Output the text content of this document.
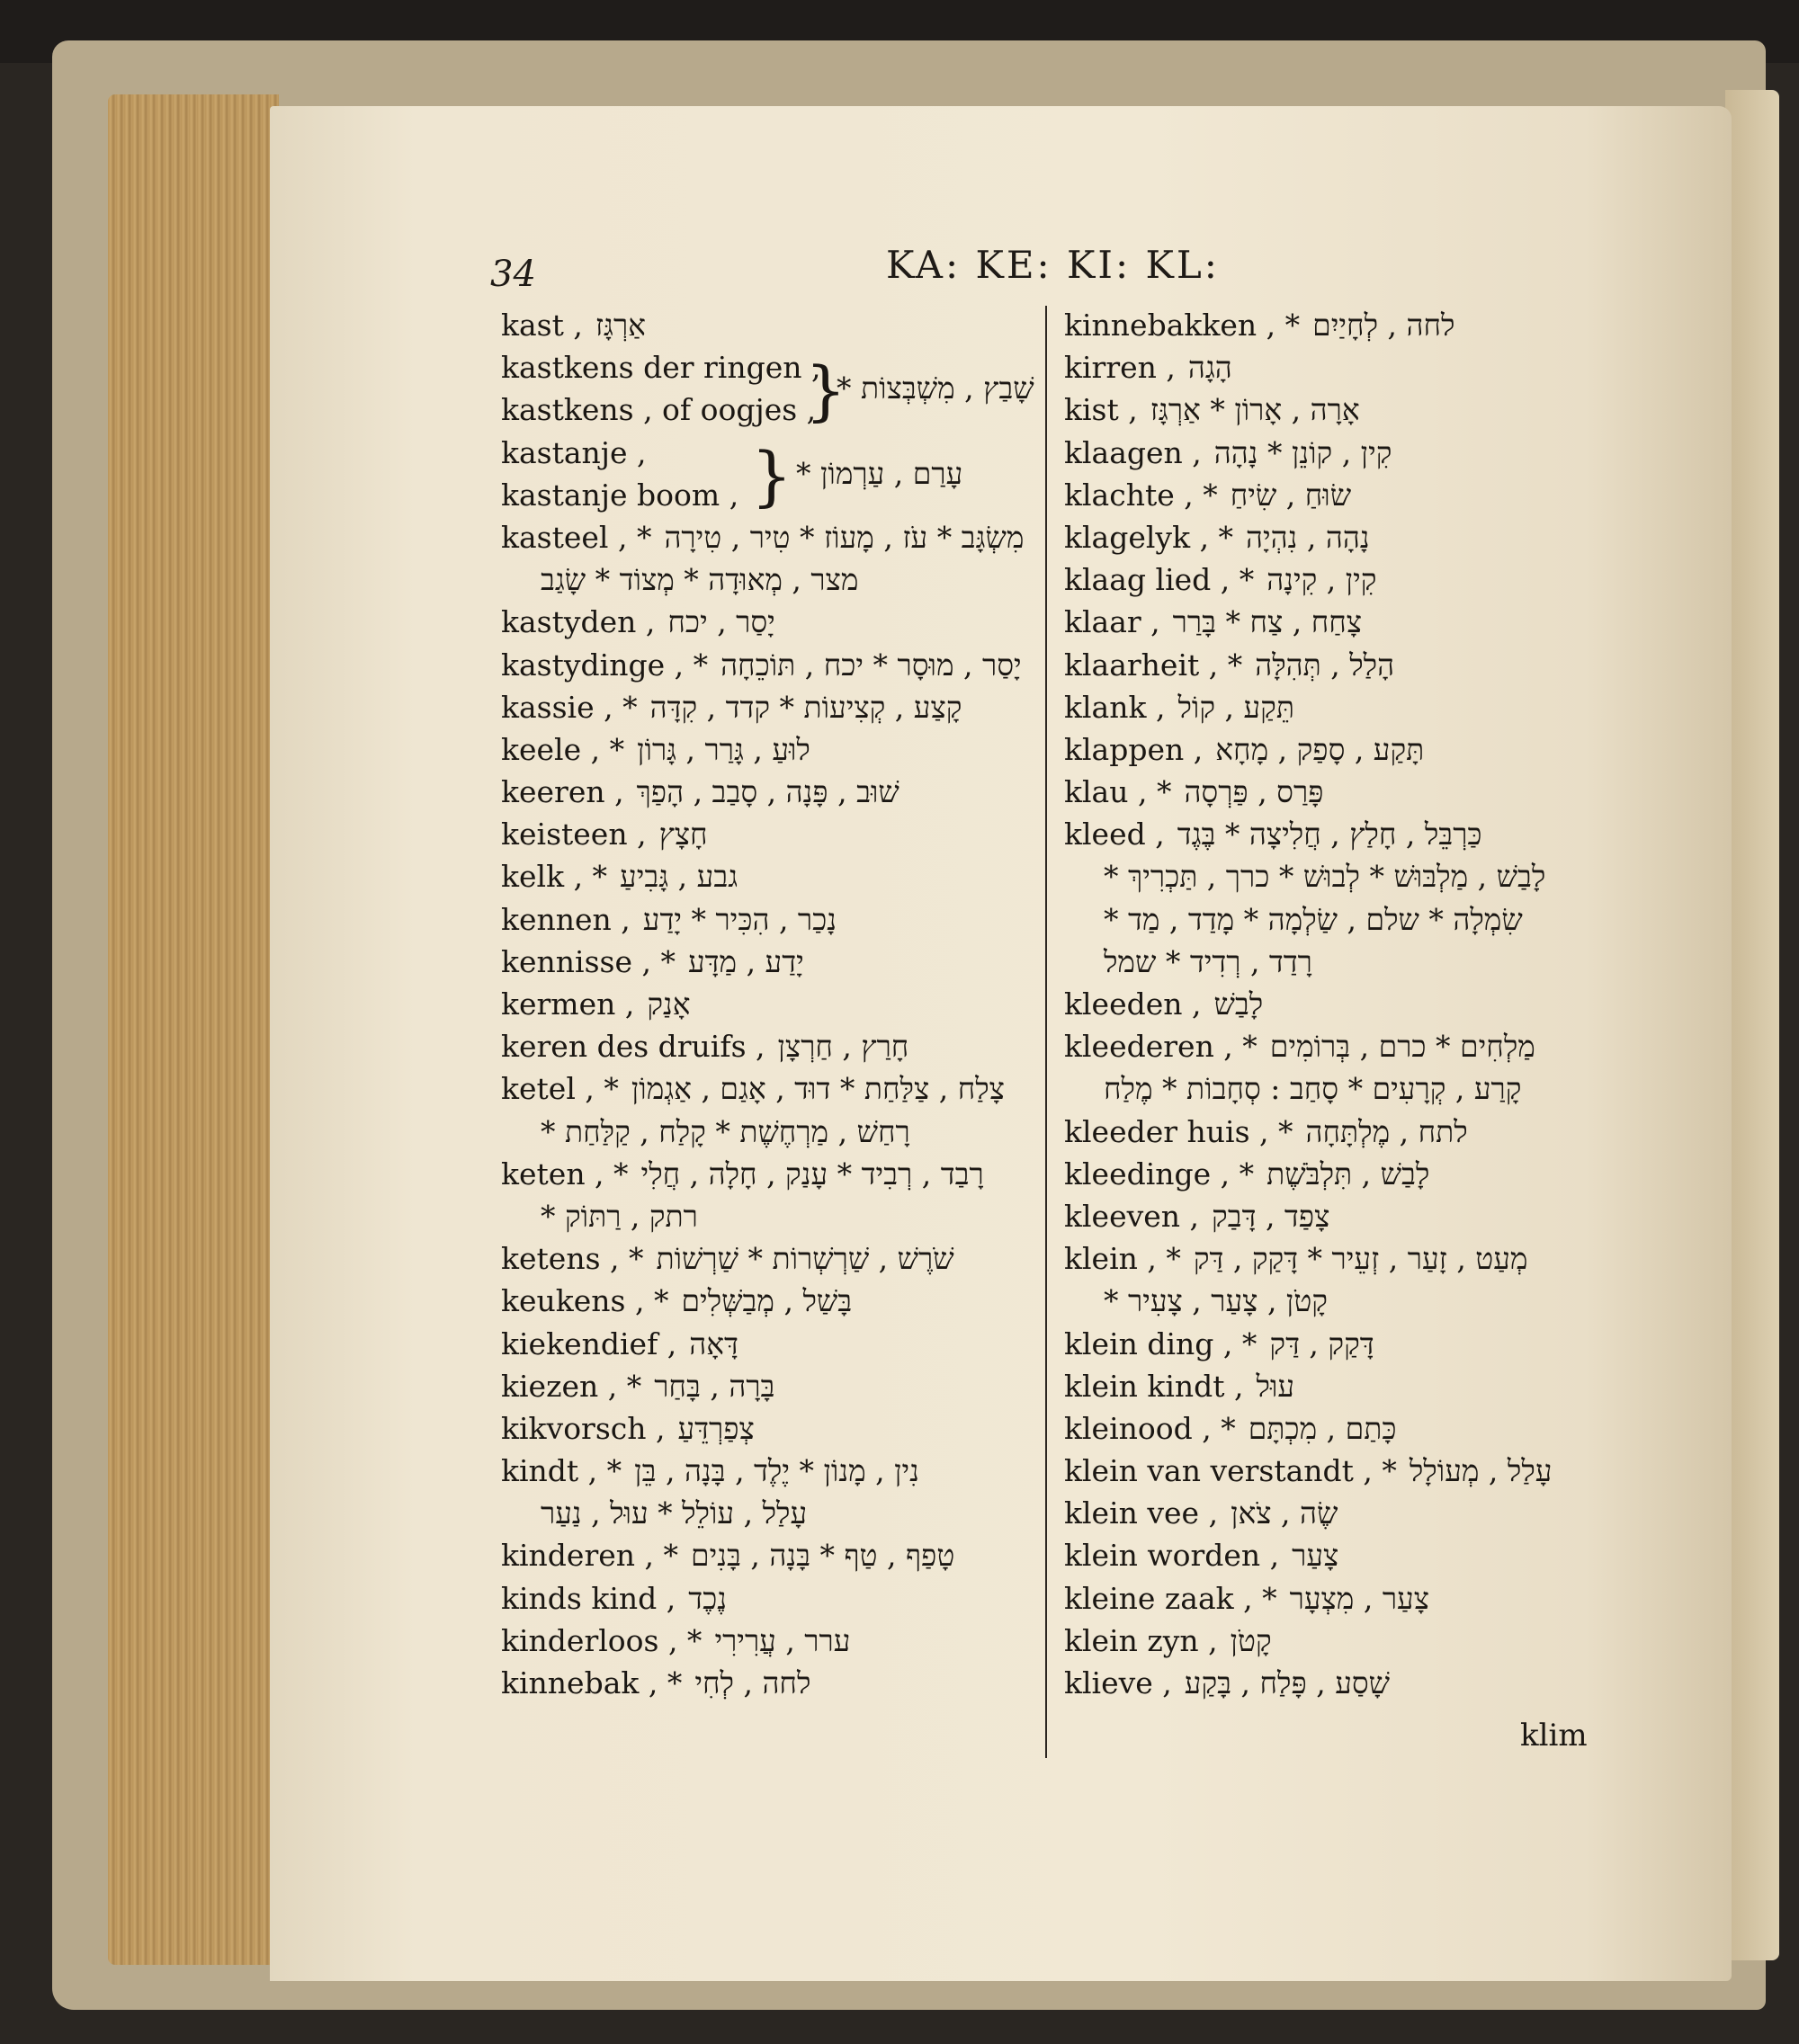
34	KA: KE: KI: KL:
kast , אַרְגָּז
kastkens der ringen ,
kastkens , of oogjes ,
kastanje ,
kastanje boom ,
kasteel , * מִשְׂגָּב * עֹז , מָעוֹז * טִיר , טִירָה
מצר , מְאוּדָה * מְצוֹד * שָׂגַב
kastyden , יָסַר , יכח
kastydinge , * יָסַר , מוּסָר * יכח , תּוֹכֵחָה
kassie , * קָצַע , קְצִיעוֹת * קדד , קִדָּה
keele , * לוּעַ , גָּרַר , גָּרוֹן
keeren , שׁוּב , פָּנָה , סָבַב , הָפַךְ
keisteen , חָצָץ
kelk , * גבע , גָּבִיעַ
kennen , נָכַר , הִכִּיר * יָדַע
kennisse , * יָדַע , מַדָּע
kermen , אָנַק
keren des druifs , חָרַץ , חַרְצָן
ketel , * צָלַח , צַלַּחַת * דוּד , אָגַם , אַגְמוֹן
רָחַשׁ , מַרְחֶשֶׁת * קָלַח , קַלַּחַת *
keten , * רָבַד , רְבִיד * עָנַק , חָלָה , חֲלִי
רתק , רַתּוֹק *
ketens , * שֹׁרֶשׁ , שַׁרְשְׁרוֹת * שַׁרְשׁוֹת
keukens , * בָּשַׁל , מְבַשְּׁלִים
kiekendief , דָּאָה
kiezen , * בָּרָה , בָּחַר
kikvorsch , צְפַרְדֵּעַ
kindt , * נִין , מָנוֹן * יֶלֶד , בָּנָה , בֵּן
עָלַל , עוֹלֵל * עוּל , נַעַר
kinderen , * טָפַף , טַף * בָּנָה , בָּנִים
kinds kind , נֶכֶד
kinderloos , * ערר , עֲרִירִי
kinnebak , * לחה , לְחִי
kinnebakken , * לחה , לְחָיַיִם
kirren , הָגָה
kist , אָרָה , אָרוֹן * אַרְגָּז
klaagen , קִין , קוֹנֵן * נָהָה
klachte , * שׂוּחַ , שִׂיחַ
klagelyk , * נָהָה , נִהְיָה
klaag lied , * קִין , קִינָה
klaar , צָחַח , צַח * בָּרַר
klaarheit , * הָלַל , תְּהִלָּה
klank , תֵּקַע , קוֹל
klappen , תָּקַע , סָפַק , מָחָא
klau , * פָּרַס , פַּרְסָה
kleed , כַּרְבֵּל , חָלַץ , חֲלִיצָה * בֶּגֶד
לָבַשׁ , מַלְבּוּשׁ * לְבוּשׁ * כרך , תַּכְרִיךְ *
שִׂמְלָה * שלם , שַׂלְמָה * מָדַד , מַד *
רָדַד , רְדִיד * שמל
kleeden , לָבַשׁ
kleederen , * מַלְחִים * כרם , בְּרוֹמִים
קָרַע , קְרָעִים * סָחַב : סְחָבוֹת * מֶלַח
kleeder huis , * לתח , מֶלְתָּחָה
kleedinge , * לָבַשׁ , תִּלְבֹּשֶׁת
kleeven , צָפַד , דָּבַק
klein , * מְעַט , זָעַר , זְעֵיר * דָּקַק , דַּק
קָטֹן , צָעַר , צָעִיר *
klein ding , * דָּקַק , דַּק
klein kindt , עוּל
kleinood , * כָּתַם , מִכְתָּם
klein van verstandt , * עָלַל , מְעוֹלָל
klein vee , שֶׂה , צֹאן
klein worden , צָעַר
kleine zaak , * צָעַר , מִצְעָר
klein zyn , קָטֹן
klieve , שָׁסַע , פָּלַח , בָּקַע
}
שָׁבַץ , מִשְׁבְּצוֹת *
} עָרַם , עַרְמוֹן *

klim
